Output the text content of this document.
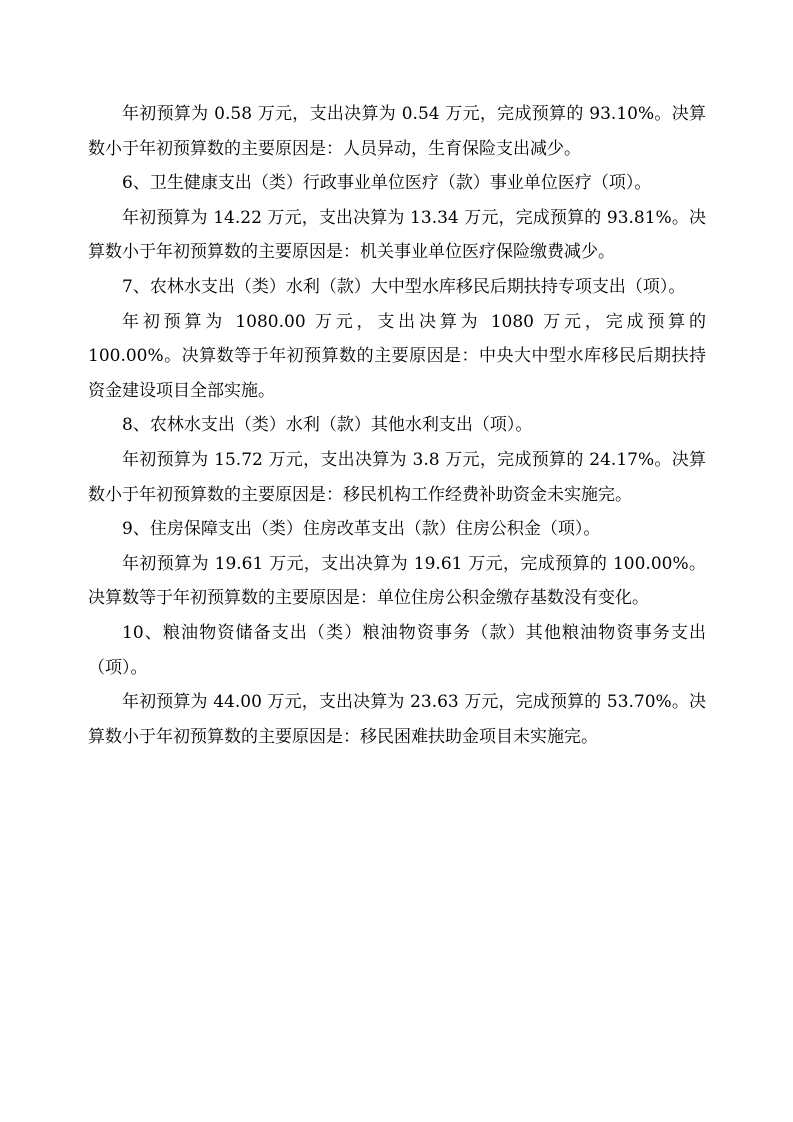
年初预算为 0.58 万元，支出决算为 0.54 万元，完成预算的 93.10%。决算数小于年初预算数的主要原因是：人员异动，生育保险支出减少。

6、卫生健康支出（类）行政事业单位医疗（款）事业单位医疗（项）。

年初预算为 14.22 万元，支出决算为 13.34 万元，完成预算的 93.81%。决算数小于年初预算数的主要原因是：机关事业单位医疗保险缴费减少。

7、农林水支出（类）水利（款）大中型水库移民后期扶持专项支出（项）。

年初预算为 1080.00 万元，支出决算为 1080 万元，完成预算的 100.00%。决算数等于年初预算数的主要原因是：中央大中型水库移民后期扶持资金建设项目全部实施。

8、农林水支出（类）水利（款）其他水利支出（项）。

年初预算为 15.72 万元，支出决算为 3.8 万元，完成预算的 24.17%。决算数小于年初预算数的主要原因是：移民机构工作经费补助资金未实施完。

9、住房保障支出（类）住房改革支出（款）住房公积金（项）。

年初预算为 19.61 万元，支出决算为 19.61 万元，完成预算的 100.00%。决算数等于年初预算数的主要原因是：单位住房公积金缴存基数没有变化。

10、粮油物资储备支出（类）粮油物资事务（款）其他粮油物资事务支出（项）。

年初预算为 44.00 万元，支出决算为 23.63 万元，完成预算的 53.70%。决算数小于年初预算数的主要原因是：移民困难扶助金项目未实施完。
